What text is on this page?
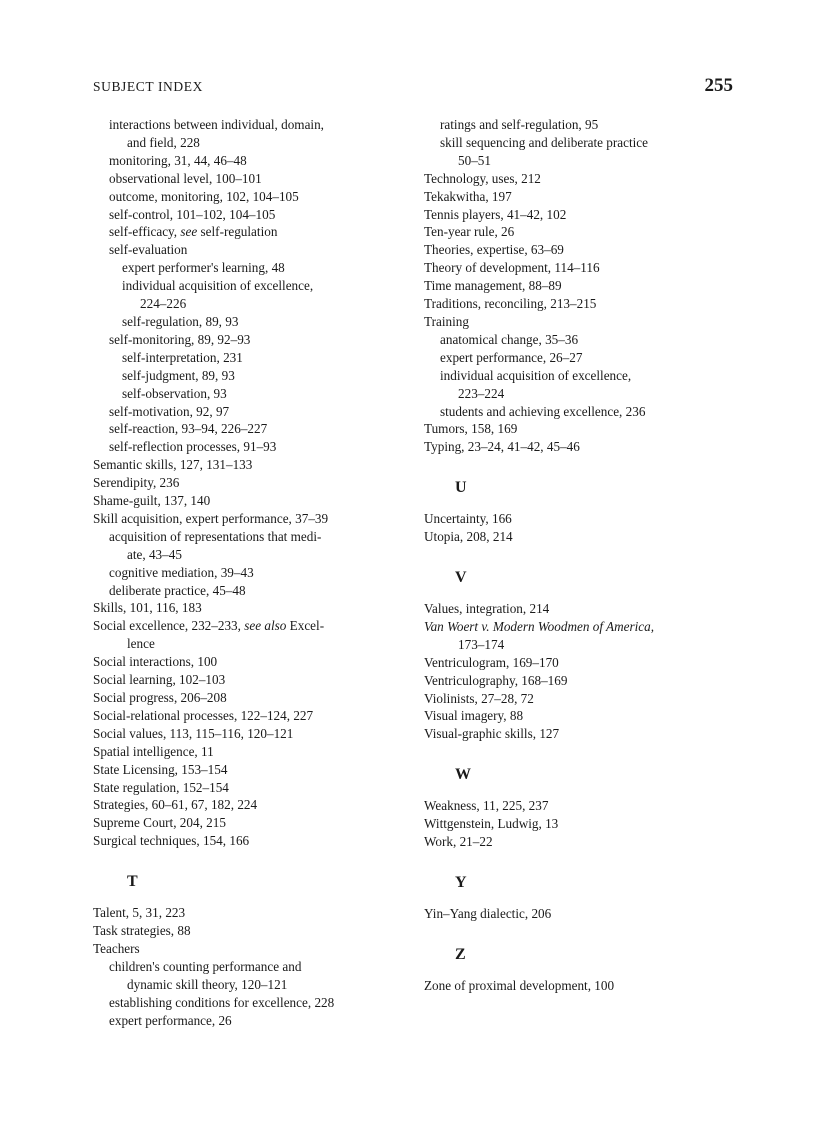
SUBJECT INDEX	255
interactions between individual, domain,
and field, 228
monitoring, 31, 44, 46–48
observational level, 100–101
outcome, monitoring, 102, 104–105
self-control, 101–102, 104–105
self-efficacy, see self-regulation
self-evaluation
expert performer's learning, 48
individual acquisition of excellence,
224–226
self-regulation, 89, 93
self-monitoring, 89, 92–93
self-interpretation, 231
self-judgment, 89, 93
self-observation, 93
self-motivation, 92, 97
self-reaction, 93–94, 226–227
self-reflection processes, 91–93
Semantic skills, 127, 131–133
Serendipity, 236
Shame-guilt, 137, 140
Skill acquisition, expert performance, 37–39
acquisition of representations that medi-
ate, 43–45
cognitive mediation, 39–43
deliberate practice, 45–48
Skills, 101, 116, 183
Social excellence, 232–233, see also Excel-
lence
Social interactions, 100
Social learning, 102–103
Social progress, 206–208
Social-relational processes, 122–124, 227
Social values, 113, 115–116, 120–121
Spatial intelligence, 11
State Licensing, 153–154
State regulation, 152–154
Strategies, 60–61, 67, 182, 224
Supreme Court, 204, 215
Surgical techniques, 154, 166
T
Talent, 5, 31, 223
Task strategies, 88
Teachers
children's counting performance and
dynamic skill theory, 120–121
establishing conditions for excellence, 228
expert performance, 26
ratings and self-regulation, 95
skill sequencing and deliberate practice
50–51
Technology, uses, 212
Tekakwitha, 197
Tennis players, 41–42, 102
Ten-year rule, 26
Theories, expertise, 63–69
Theory of development, 114–116
Time management, 88–89
Traditions, reconciling, 213–215
Training
anatomical change, 35–36
expert performance, 26–27
individual acquisition of excellence,
223–224
students and achieving excellence, 236
Tumors, 158, 169
Typing, 23–24, 41–42, 45–46
U
Uncertainty, 166
Utopia, 208, 214
V
Values, integration, 214
Van Woert v. Modern Woodmen of America,
173–174
Ventriculogram, 169–170
Ventriculography, 168–169
Violinists, 27–28, 72
Visual imagery, 88
Visual-graphic skills, 127
W
Weakness, 11, 225, 237
Wittgenstein, Ludwig, 13
Work, 21–22
Y
Yin–Yang dialectic, 206
Z
Zone of proximal development, 100
